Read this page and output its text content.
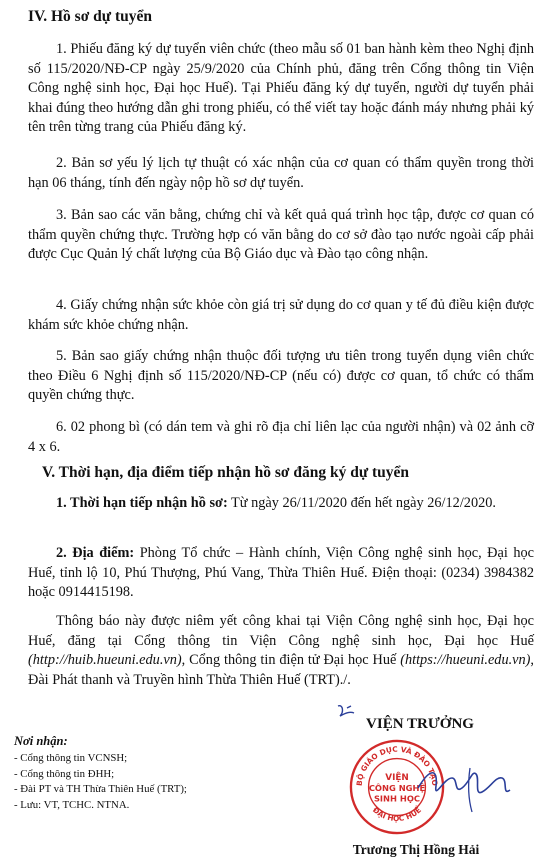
IV. Hồ sơ dự tuyển
1. Phiếu đăng ký dự tuyển viên chức (theo mẫu số 01 ban hành kèm theo Nghị định số 115/2020/NĐ-CP ngày 25/9/2020 của Chính phủ, đăng trên Cổng thông tin Viện Công nghệ sinh học, Đại học Huế). Tại Phiếu đăng ký dự tuyển, người dự tuyển phải khai đúng theo hướng dẫn ghi trong phiếu, có thể viết tay hoặc đánh máy nhưng phải ký tên trên từng trang của Phiếu đăng ký.
2. Bản sơ yếu lý lịch tự thuật có xác nhận của cơ quan có thẩm quyền trong thời hạn 06 tháng, tính đến ngày nộp hồ sơ dự tuyển.
3. Bản sao các văn bằng, chứng chỉ và kết quả quá trình học tập, được cơ quan có thẩm quyền chứng thực. Trường hợp có văn bằng do cơ sở đào tạo nước ngoài cấp phải được Cục Quản lý chất lượng của Bộ Giáo dục và Đào tạo công nhận.
4. Giấy chứng nhận sức khỏe còn giá trị sử dụng do cơ quan y tế đủ điều kiện được khám sức khỏe chứng nhận.
5. Bản sao giấy chứng nhận thuộc đối tượng ưu tiên trong tuyển dụng viên chức theo Điều 6 Nghị định số 115/2020/NĐ-CP (nếu có) được cơ quan, tổ chức có thẩm quyền chứng thực.
6. 02 phong bì (có dán tem và ghi rõ địa chỉ liên lạc của người nhận) và 02 ảnh cỡ 4 x 6.
V. Thời hạn, địa điểm tiếp nhận hồ sơ đăng ký dự tuyển
1. Thời hạn tiếp nhận hồ sơ: Từ ngày 26/11/2020 đến hết ngày 26/12/2020.
2. Địa điểm: Phòng Tổ chức – Hành chính, Viện Công nghệ sinh học, Đại học Huế, tỉnh lộ 10, Phú Thượng, Phú Vang, Thừa Thiên Huế. Điện thoại: (0234) 3984382 hoặc 0914415198.
Thông báo này được niêm yết công khai tại Viện Công nghệ sinh học, Đại học Huế, đăng tại Cổng thông tin Viện Công nghệ sinh học, Đại học Huế (http://huib.hueuni.edu.vn), Cổng thông tin điện tử Đại học Huế (https://hueuni.edu.vn), Đài Phát thanh và Truyền hình Thừa Thiên Huế (TRT)./.
Nơi nhận:
- Cổng thông tin VCNSH;
- Cổng thông tin ĐHH;
- Đài PT và TH Thừa Thiên Huế (TRT);
- Lưu: VT, TCHC. NTNA.
VIỆN TRƯỞNG
BỘ GIÁO DỤC VÀ ĐÀO TẠO
ĐẠI HỌC HUẾ
VIỆN
CÔNG NGHỆ
SINH HỌC
Trương Thị Hồng Hải
